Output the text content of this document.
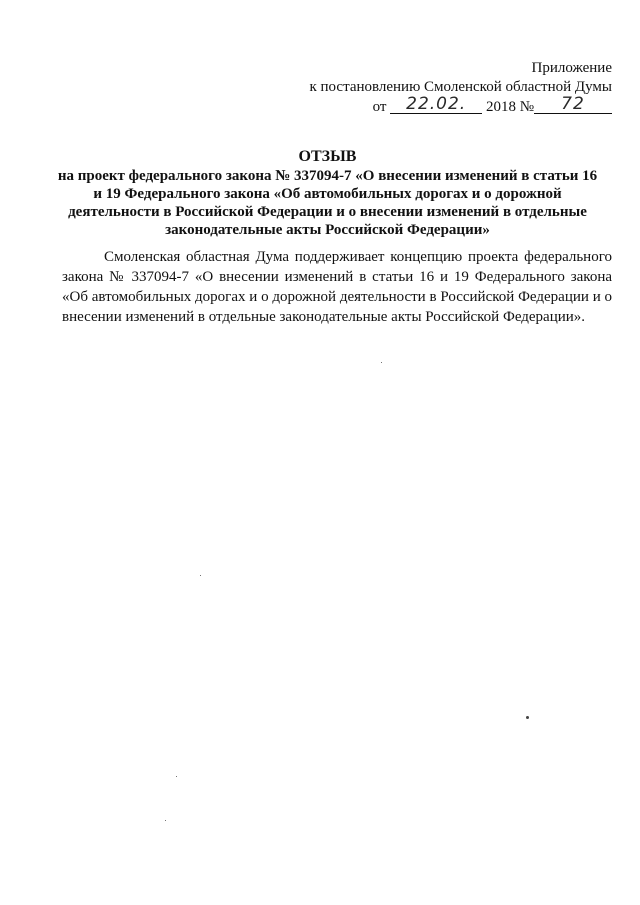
Приложение
к постановлению Смоленской областной Думы
от 22.02. 2018 № 72
ОТЗЫВ
на проект федерального закона № 337094-7 «О внесении изменений в статьи 16
и 19 Федерального закона «Об автомобильных дорогах и о дорожной
деятельности в Российской Федерации и о внесении изменений в отдельные
законодательные акты Российской Федерации»

Смоленская областная Дума поддерживает концепцию проекта федерального закона № 337094-7 «О внесении изменений в статьи 16 и 19 Федерального закона «Об автомобильных дорогах и о дорожной деятельности в Российской Федерации и о внесении изменений в отдельные законодательные акты Российской Федерации».
